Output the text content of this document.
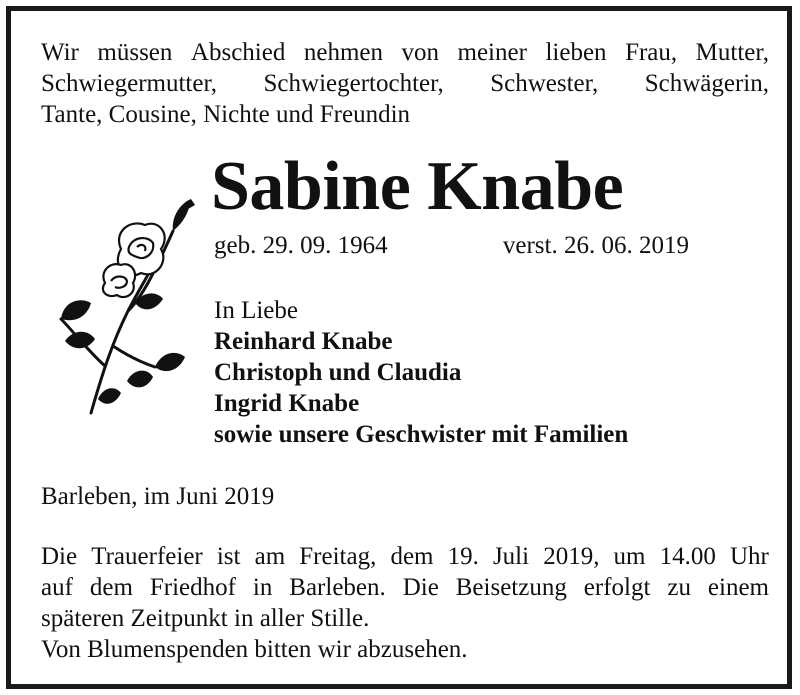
Wir müssen Abschied nehmen von meiner lieben Frau, Mutter,
Schwiegermutter, Schwiegertochter, Schwester, Schwägerin,
Tante, Cousine, Nichte und Freundin
Sabine Knabe
geb. 29. 09. 1964	verst. 26. 06. 2019
In Liebe
Reinhard Knabe
Christoph und Claudia
Ingrid Knabe
sowie unsere Geschwister mit Familien

Barleben, im Juni 2019

Die Trauerfeier ist am Freitag, dem 19. Juli 2019, um 14.00 Uhr
auf dem Friedhof in Barleben. Die Beisetzung erfolgt zu einem
späteren Zeitpunkt in aller Stille.
Von Blumenspenden bitten wir abzusehen.
